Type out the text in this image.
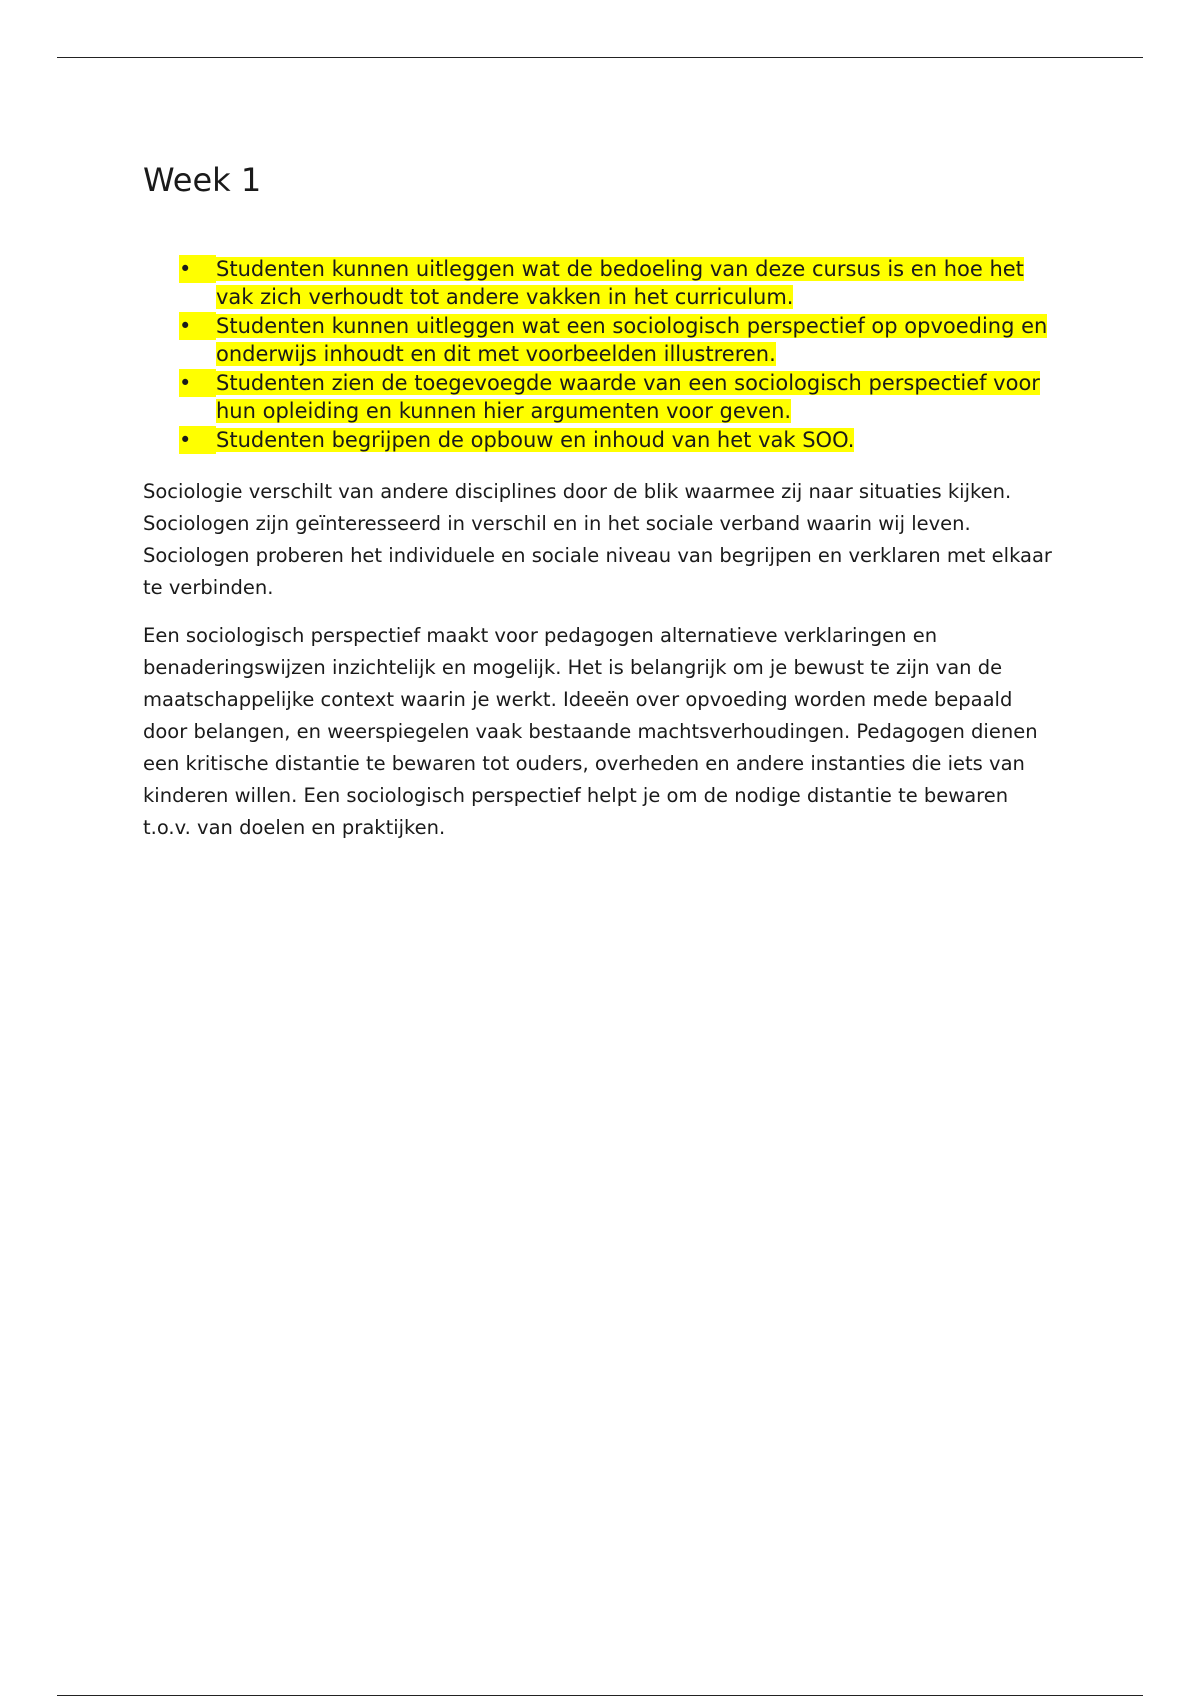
Week 1
•	Studenten kunnen uitleggen wat de bedoeling van deze cursus is en hoe het vak zich verhoudt tot andere vakken in het curriculum.
•	Studenten kunnen uitleggen wat een sociologisch perspectief op opvoeding en onderwijs inhoudt en dit met voorbeelden illustreren.
•	Studenten zien de toegevoegde waarde van een sociologisch perspectief voor hun opleiding en kunnen hier argumenten voor geven.
•	Studenten begrijpen de opbouw en inhoud van het vak SOO.

Sociologie verschilt van andere disciplines door de blik waarmee zij naar situaties kijken. Sociologen zijn geïnteresseerd in verschil en in het sociale verband waarin wij leven. Sociologen proberen het individuele en sociale niveau van begrijpen en verklaren met elkaar te verbinden.

Een sociologisch perspectief maakt voor pedagogen alternatieve verklaringen en benaderingswijzen inzichtelijk en mogelijk. Het is belangrijk om je bewust te zijn van de maatschappelijke context waarin je werkt. Ideeën over opvoeding worden mede bepaald door belangen, en weerspiegelen vaak bestaande machtsverhoudingen. Pedagogen dienen een kritische distantie te bewaren tot ouders, overheden en andere instanties die iets van kinderen willen. Een sociologisch perspectief helpt je om de nodige distantie te bewaren t.o.v. van doelen en praktijken.
